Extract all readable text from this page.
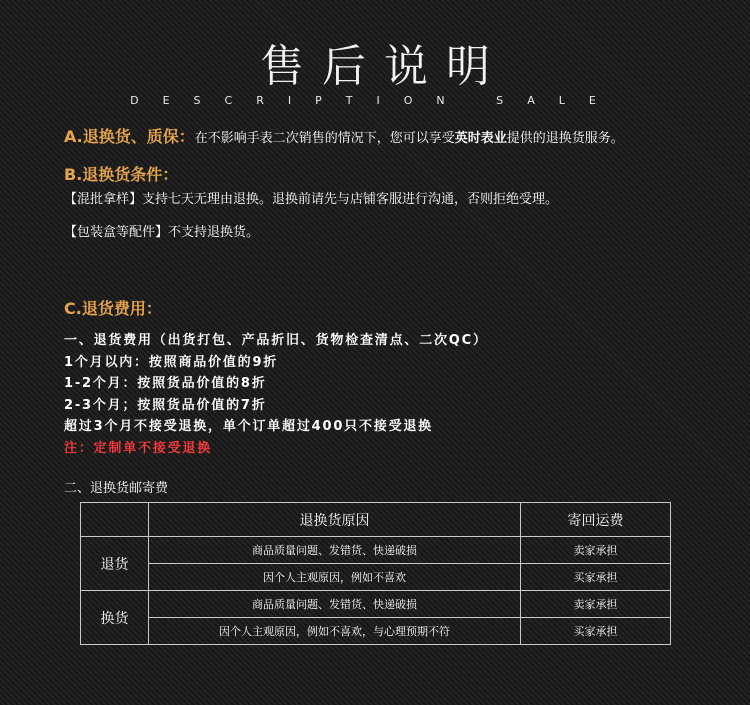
售后说明
DESCRIPTION SALE
A.退换货、质保：在不影响手表二次销售的情况下，您可以享受英时表业提供的退换货服务。
B.退换货条件：
【混批拿样】支持七天无理由退换。退换前请先与店铺客服进行沟通，否则拒绝受理。
【包装盒等配件】不支持退换货。
C.退货费用：
一、退货费用（出货打包、产品折旧、货物检查清点、二次QC）
1个月以内：按照商品价值的9折
1-2个月：按照货品价值的8折
2-3个月；按照货品价值的7折
超过3个月不接受退换，单个订单超过400只不接受退换
注：定制单不接受退换
二、退换货邮寄费
	退换货原因	寄回运费
退货	商品质量问题、发错货、快递破损	卖家承担
	因个人主观原因，例如不喜欢	买家承担
换货	商品质量问题、发错货、快递破损	卖家承担
	因个人主观原因，例如不喜欢，与心理预期不符	买家承担
